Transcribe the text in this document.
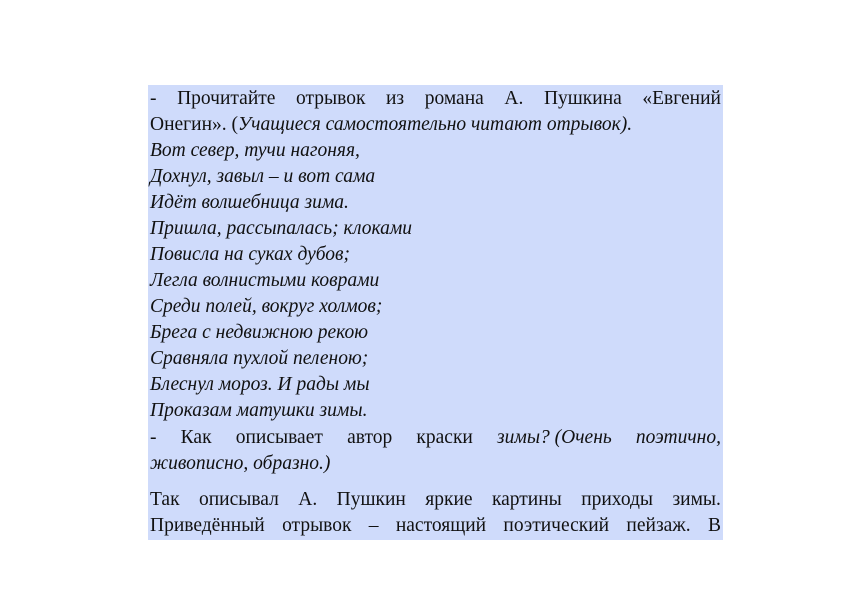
- Прочитайте отрывок из романа А. Пушкина «Евгений
Онегин». (Учащиеся самостоятельно читают отрывок).
Вот север, тучи нагоняя,
Дохнул, завыл – и вот сама
Идёт волшебница зима.
Пришла, рассыпалась; клоками
Повисла на суках дубов;
Легла волнистыми коврами
Среди полей, вокруг холмов;
Брега с недвижною рекою
Сравняла пухлой пеленою;
Блеснул мороз. И рады мы
Проказам матушки зимы.
- Как описывает автор краски зимы? (Очень поэтично,
живописно, образно.)
Так описывал А. Пушкин яркие картины приходы зимы.
Приведённый отрывок – настоящий поэтический пейзаж. В
